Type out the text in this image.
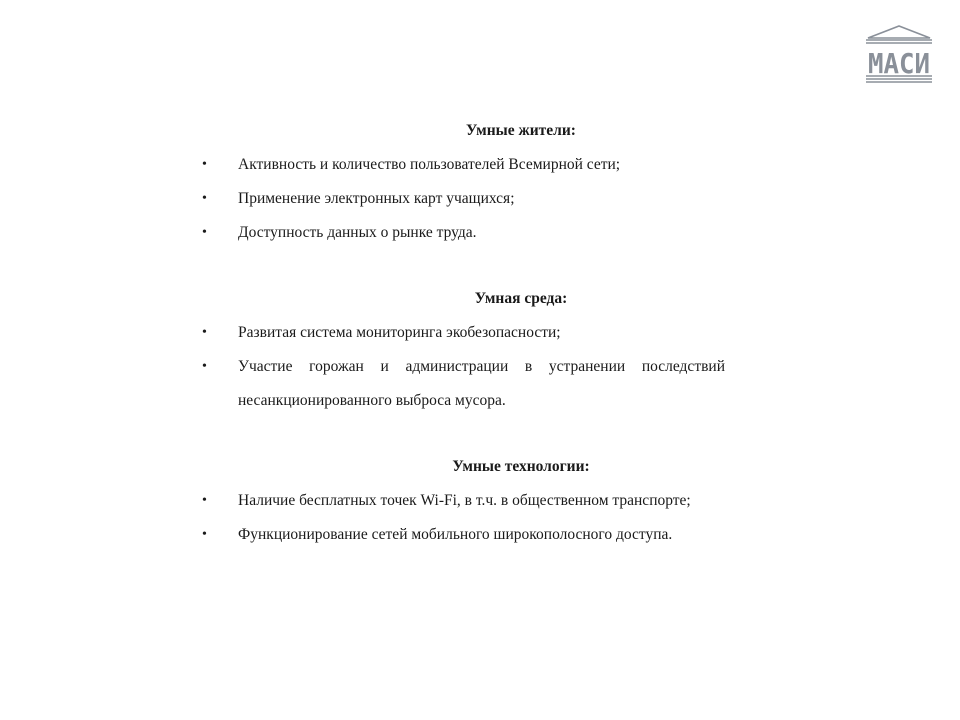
МАСИ

Умные жители:

•	Активность и количество пользователей Всемирной сети;
•	Применение электронных карт учащихся;
•	Доступность данных о рынке труда.

Умная среда:

•	Развитая система мониторинга экобезопасности;
•	Участие горожан и администрации в устранении последствий несанкционированного выброса мусора.

Умные технологии:

•	Наличие бесплатных точек Wi-Fi, в т.ч. в общественном транспорте;
•	Функционирование сетей мобильного широкополосного доступа.
